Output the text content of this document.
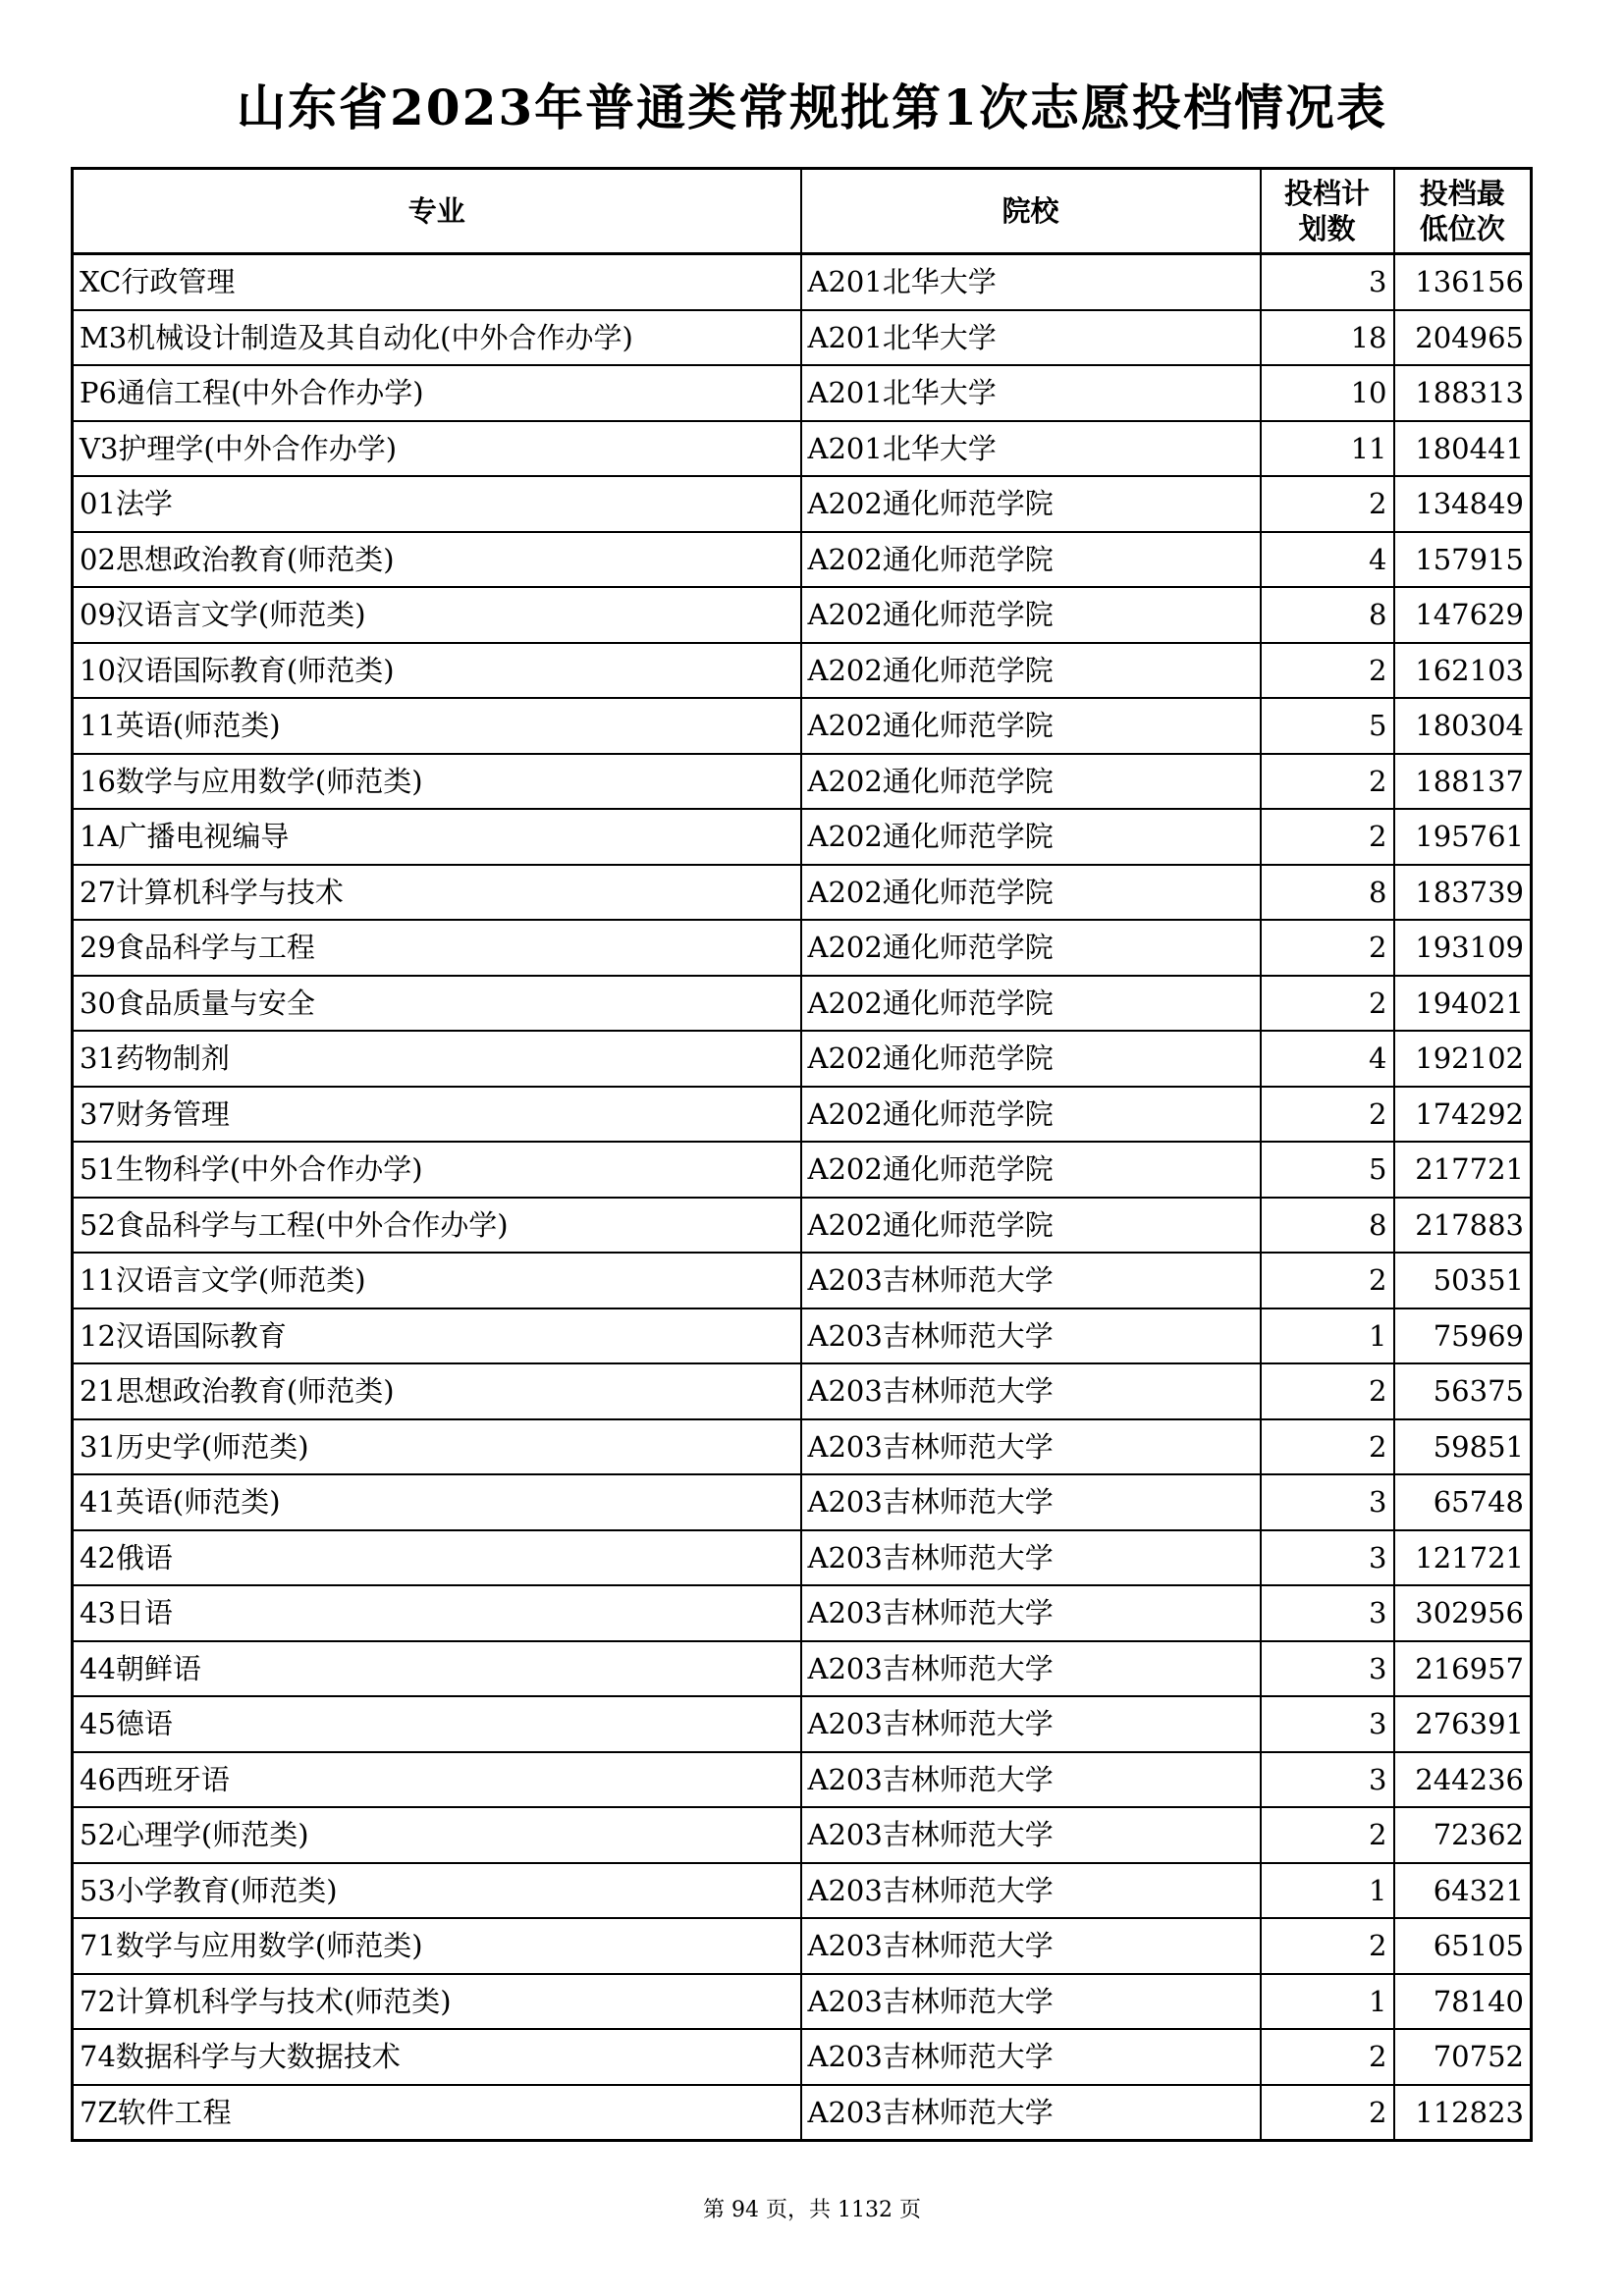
山东省2023年普通类常规批第1次志愿投档情况表
专业	院校	投档计划数	投档最低位次
XC行政管理	A201北华大学	3	136156
M3机械设计制造及其自动化(中外合作办学)	A201北华大学	18	204965
P6通信工程(中外合作办学)	A201北华大学	10	188313
V3护理学(中外合作办学)	A201北华大学	11	180441
01法学	A202通化师范学院	2	134849
02思想政治教育(师范类)	A202通化师范学院	4	157915
09汉语言文学(师范类)	A202通化师范学院	8	147629
10汉语国际教育(师范类)	A202通化师范学院	2	162103
11英语(师范类)	A202通化师范学院	5	180304
16数学与应用数学(师范类)	A202通化师范学院	2	188137
1A广播电视编导	A202通化师范学院	2	195761
27计算机科学与技术	A202通化师范学院	8	183739
29食品科学与工程	A202通化师范学院	2	193109
30食品质量与安全	A202通化师范学院	2	194021
31药物制剂	A202通化师范学院	4	192102
37财务管理	A202通化师范学院	2	174292
51生物科学(中外合作办学)	A202通化师范学院	5	217721
52食品科学与工程(中外合作办学)	A202通化师范学院	8	217883
11汉语言文学(师范类)	A203吉林师范大学	2	50351
12汉语国际教育	A203吉林师范大学	1	75969
21思想政治教育(师范类)	A203吉林师范大学	2	56375
31历史学(师范类)	A203吉林师范大学	2	59851
41英语(师范类)	A203吉林师范大学	3	65748
42俄语	A203吉林师范大学	3	121721
43日语	A203吉林师范大学	3	302956
44朝鲜语	A203吉林师范大学	3	216957
45德语	A203吉林师范大学	3	276391
46西班牙语	A203吉林师范大学	3	244236
52心理学(师范类)	A203吉林师范大学	2	72362
53小学教育(师范类)	A203吉林师范大学	1	64321
71数学与应用数学(师范类)	A203吉林师范大学	2	65105
72计算机科学与技术(师范类)	A203吉林师范大学	1	78140
74数据科学与大数据技术	A203吉林师范大学	2	70752
7Z软件工程	A203吉林师范大学	2	112823
第 94 页，共 1132 页
